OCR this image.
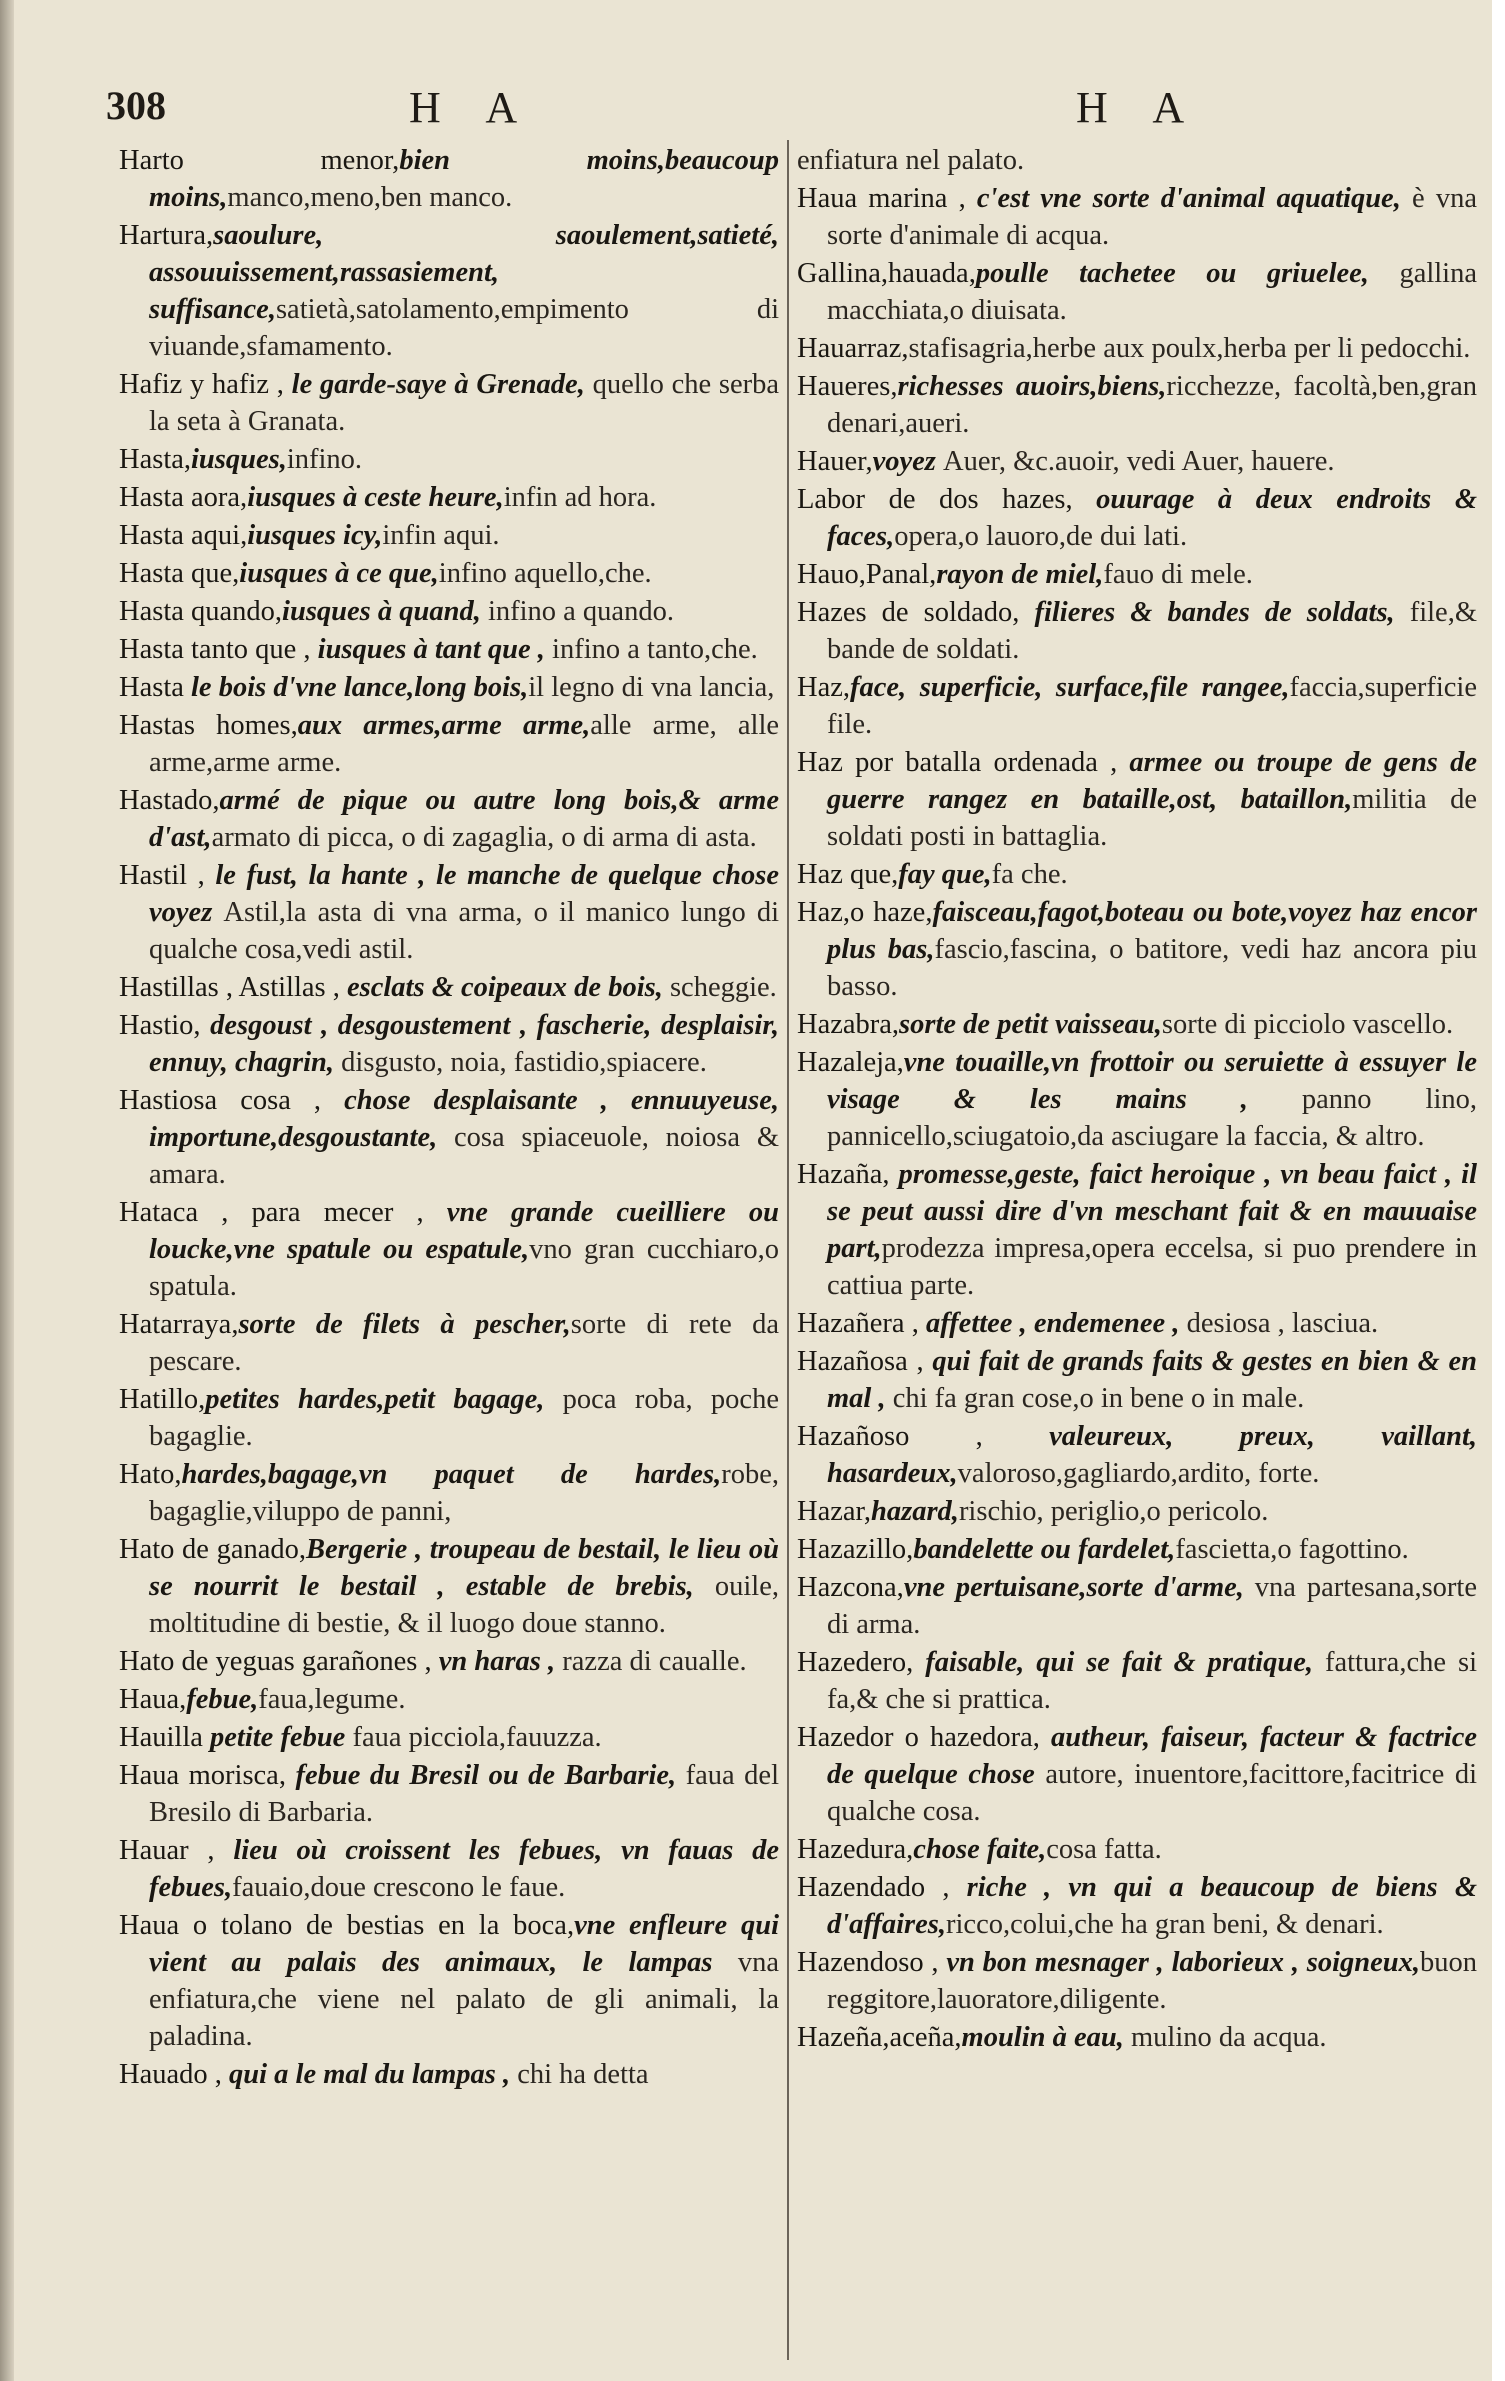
308	H A	H A

Harto menor,bien moins,beaucoup moins,manco,meno,ben manco.

Hartura,saoulure, saoulement,satieté, assouuissement,rassasiement, suffisance,satietà,satolamento,empimento di viuande,sfamamento.

Hafiz y hafiz , le garde-saye à Grenade, quello che serba la seta à Granata.

Hasta,iusques,infino.

Hasta aora,iusques à ceste heure,infin ad hora.

Hasta aqui,iusques icy,infin aqui.

Hasta que,iusques à ce que,infino aquello,che.

Hasta quando,iusques à quand, infino a quando.

Hasta tanto que , iusques à tant que , infino a tanto,che.

Hasta le bois d'vne lance,long bois,il legno di vna lancia,

Hastas homes,aux armes,arme arme,alle arme, alle arme,arme arme.

Hastado,armé de pique ou autre long bois,& arme d'ast,armato di picca, o di zagaglia, o di arma di asta.

Hastil , le fust, la hante , le manche de quelque chose voyez Astil,la asta di vna arma, o il manico lungo di qualche cosa,vedi astil.

Hastillas , Astillas , esclats & coipeaux de bois, scheggie.

Hastio, desgoust , desgoustement , fascherie, desplaisir, ennuy, chagrin, disgusto, noia, fastidio,spiacere.

Hastiosa cosa , chose desplaisante , ennuuyeuse, importune,desgoustante, cosa spiaceuole, noiosa & amara.

Hataca , para mecer , vne grande cueilliere ou loucke,vne spatule ou espatule,vno gran cucchiaro,o spatula.

Hatarraya,sorte de filets à pescher,sorte di rete da pescare.

Hatillo,petites hardes,petit bagage, poca roba, poche bagaglie.

Hato,hardes,bagage,vn paquet de hardes,robe, bagaglie,viluppo de panni,

Hato de ganado,Bergerie , troupeau de bestail, le lieu où se nourrit le bestail , estable de brebis, ouile, moltitudine di bestie, & il luogo doue stanno.

Hato de yeguas garañones , vn haras , razza di caualle.

Haua,febue,faua,legume.

Hauilla petite febue faua picciola,fauuzza.

Haua morisca, febue du Bresil ou de Barbarie, faua del Bresilo di Barbaria.

Hauar , lieu où croissent les febues, vn fauas de febues,fauaio,doue crescono le faue.

Haua o tolano de bestias en la boca,vne enfleure qui vient au palais des animaux, le lampas vna enfiatura,che viene nel palato de gli animali, la paladina.

Hauado , qui a le mal du lampas , chi ha detta

enfiatura nel palato.

Haua marina , c'est vne sorte d'animal aquatique, è vna sorte d'animale di acqua.

Gallina,hauada,poulle tachetee ou griuelee, gallina macchiata,o diuisata.

Hauarraz,stafisagria,herbe aux poulx,herba per li pedocchi.

Haueres,richesses auoirs,biens,ricchezze, facoltà,ben,gran denari,aueri.

Hauer,voyez Auer, &c.auoir, vedi Auer, hauere.

Labor de dos hazes, ouurage à deux endroits & faces,opera,o lauoro,de dui lati.

Hauo,Panal,rayon de miel,fauo di mele.

Hazes de soldado, filieres & bandes de soldats, file,& bande de soldati.

Haz,face, superficie, surface,file rangee,faccia,superficie file.

Haz por batalla ordenada , armee ou troupe de gens de guerre rangez en bataille,ost, bataillon,militia de soldati posti in battaglia.

Haz que,fay que,fa che.

Haz,o haze,faisceau,fagot,boteau ou bote,voyez haz encor plus bas,fascio,fascina, o batitore, vedi haz ancora piu basso.

Hazabra,sorte de petit vaisseau,sorte di picciolo vascello.

Hazaleja,vne touaille,vn frottoir ou seruiette à essuyer le visage & les mains , panno lino, pannicello,sciugatoio,da asciugare la faccia, & altro.

Hazaña, promesse,geste, faict heroique , vn beau faict , il se peut aussi dire d'vn meschant fait & en mauuaise part,prodezza impresa,opera eccelsa, si puo prendere in cattiua parte.

Hazañera , affettee , endemenee , desiosa , lasciua.

Hazañosa , qui fait de grands faits & gestes en bien & en mal , chi fa gran cose,o in bene o in male.

Hazañoso , valeureux, preux, vaillant, hasardeux,valoroso,gagliardo,ardito, forte.

Hazar,hazard,rischio, periglio,o pericolo.

Hazazillo,bandelette ou fardelet,fascietta,o fagottino.

Hazcona,vne pertuisane,sorte d'arme, vna partesana,sorte di arma.

Hazedero, faisable, qui se fait & pratique, fattura,che si fa,& che si prattica.

Hazedor o hazedora, autheur, faiseur, facteur & factrice de quelque chose autore, inuentore,facittore,facitrice di qualche cosa.

Hazedura,chose faite,cosa fatta.

Hazendado , riche , vn qui a beaucoup de biens & d'affaires,ricco,colui,che ha gran beni, & denari.

Hazendoso , vn bon mesnager , laborieux , soigneux,buon reggitore,lauoratore,diligente.

Hazeña,aceña,moulin à eau, mulino da acqua.
